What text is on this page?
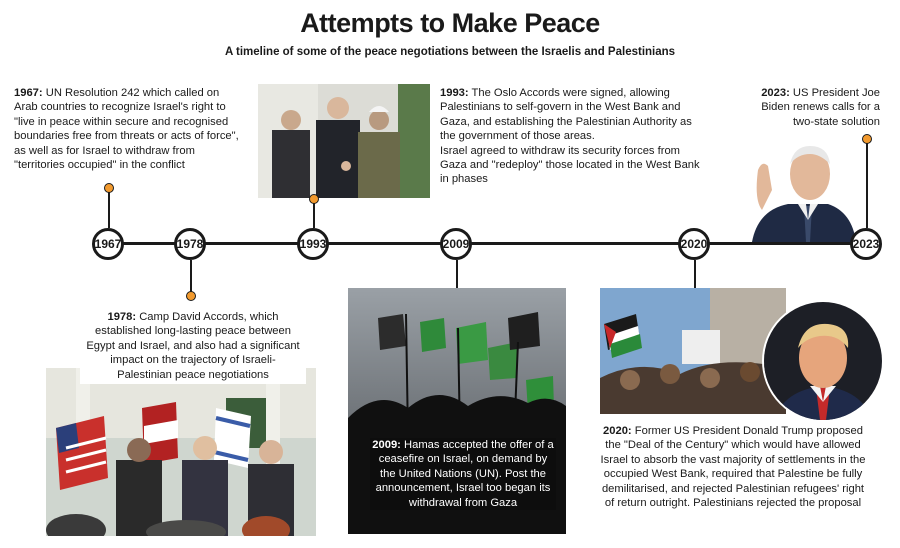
Attempts to Make Peace
A timeline of some of the peace negotiations between the Israelis and Palestinians
1967: UN Resolution 242 which called on Arab countries to recognize Israel's right to "live in peace within secure and recognised boundaries free from threats or acts of force", as well as for Israel to withdraw from "territories occupied" in the conflict
1967	1978
1978: Camp David Accords, which established long-lasting peace between Egypt and Israel, and also had a significant impact on the trajectory of Israeli-Palestinian peace negotiations
1993
1993: The Oslo Accords were signed, allowing Palestinians to self-govern in the West Bank and Gaza, and establishing the Palestinian Authority as the government of those areas.
Israel agreed to withdraw its security forces from Gaza and "redeploy" those located in the West Bank in phases
2009
2009: Hamas accepted the offer of a ceasefire on Israel, on demand by the United Nations (UN). Post the announcement, Israel too began its withdrawal from Gaza
2020
2020: Former US President Donald Trump proposed the "Deal of the Century" which would have allowed Israel to absorb the vast majority of settlements in the occupied West Bank, required that Palestine be fully demilitarised, and rejected Palestinian refugees' right of return outright. Palestinians rejected the proposal
2023: US President Joe Biden renews calls for a two-state solution
2023
